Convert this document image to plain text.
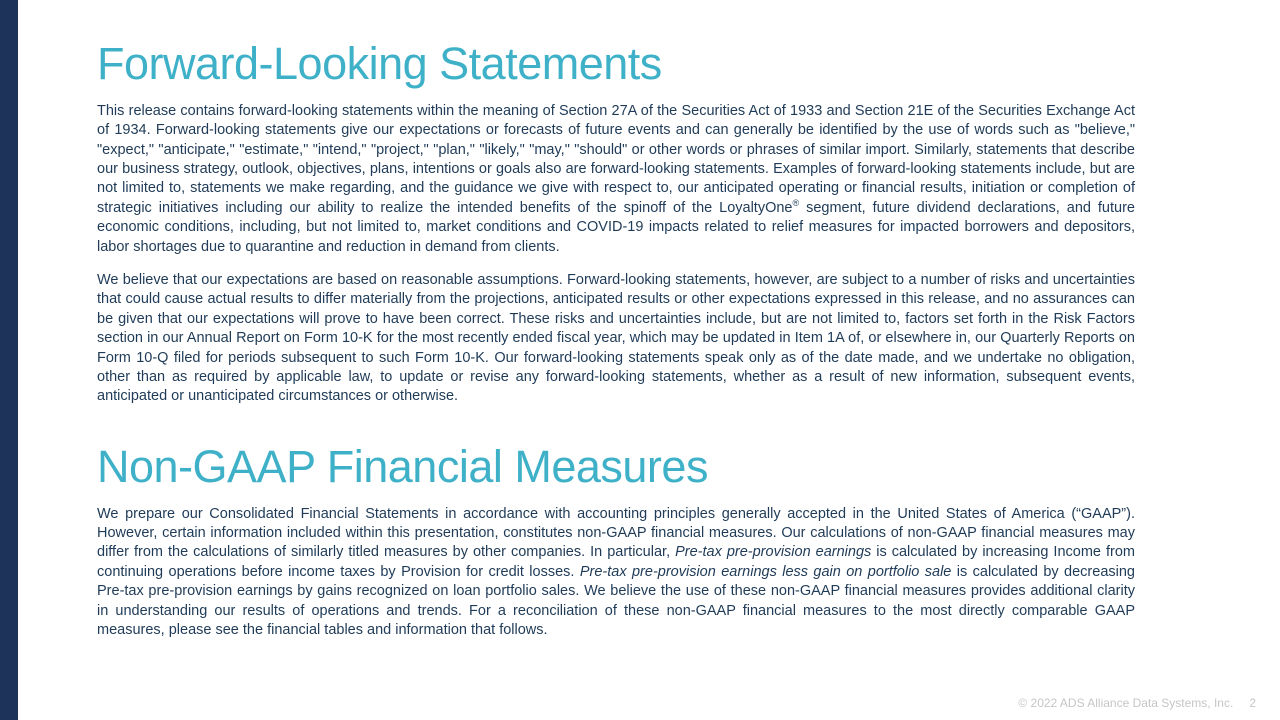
Forward-Looking Statements

This release contains forward-looking statements within the meaning of Section 27A of the Securities Act of 1933 and Section 21E of the Securities Exchange Act of 1934. Forward-looking statements give our expectations or forecasts of future events and can generally be identified by the use of words such as "believe," "expect," "anticipate," "estimate," "intend," "project," "plan," "likely," "may," "should" or other words or phrases of similar import. Similarly, statements that describe our business strategy, outlook, objectives, plans, intentions or goals also are forward-looking statements. Examples of forward-looking statements include, but are not limited to, statements we make regarding, and the guidance we give with respect to, our anticipated operating or financial results, initiation or completion of strategic initiatives including our ability to realize the intended benefits of the spinoff of the LoyaltyOne® segment, future dividend declarations, and future economic conditions, including, but not limited to, market conditions and COVID-19 impacts related to relief measures for impacted borrowers and depositors, labor shortages due to quarantine and reduction in demand from clients.

We believe that our expectations are based on reasonable assumptions. Forward-looking statements, however, are subject to a number of risks and uncertainties that could cause actual results to differ materially from the projections, anticipated results or other expectations expressed in this release, and no assurances can be given that our expectations will prove to have been correct. These risks and uncertainties include, but are not limited to, factors set forth in the Risk Factors section in our Annual Report on Form 10-K for the most recently ended fiscal year, which may be updated in Item 1A of, or elsewhere in, our Quarterly Reports on Form 10-Q filed for periods subsequent to such Form 10-K. Our forward-looking statements speak only as of the date made, and we undertake no obligation, other than as required by applicable law, to update or revise any forward-looking statements, whether as a result of new information, subsequent events, anticipated or unanticipated circumstances or otherwise.

Non-GAAP Financial Measures

We prepare our Consolidated Financial Statements in accordance with accounting principles generally accepted in the United States of America (“GAAP”). However, certain information included within this presentation, constitutes non-GAAP financial measures. Our calculations of non-GAAP financial measures may differ from the calculations of similarly titled measures by other companies. In particular, Pre-tax pre-provision earnings is calculated by increasing Income from continuing operations before income taxes by Provision for credit losses. Pre-tax pre-provision earnings less gain on portfolio sale is calculated by decreasing Pre-tax pre-provision earnings by gains recognized on loan portfolio sales. We believe the use of these non-GAAP financial measures provides additional clarity in understanding our results of operations and trends. For a reconciliation of these non-GAAP financial measures to the most directly comparable GAAP measures, please see the financial tables and information that follows.

© 2022 ADS Alliance Data Systems, Inc. 2
